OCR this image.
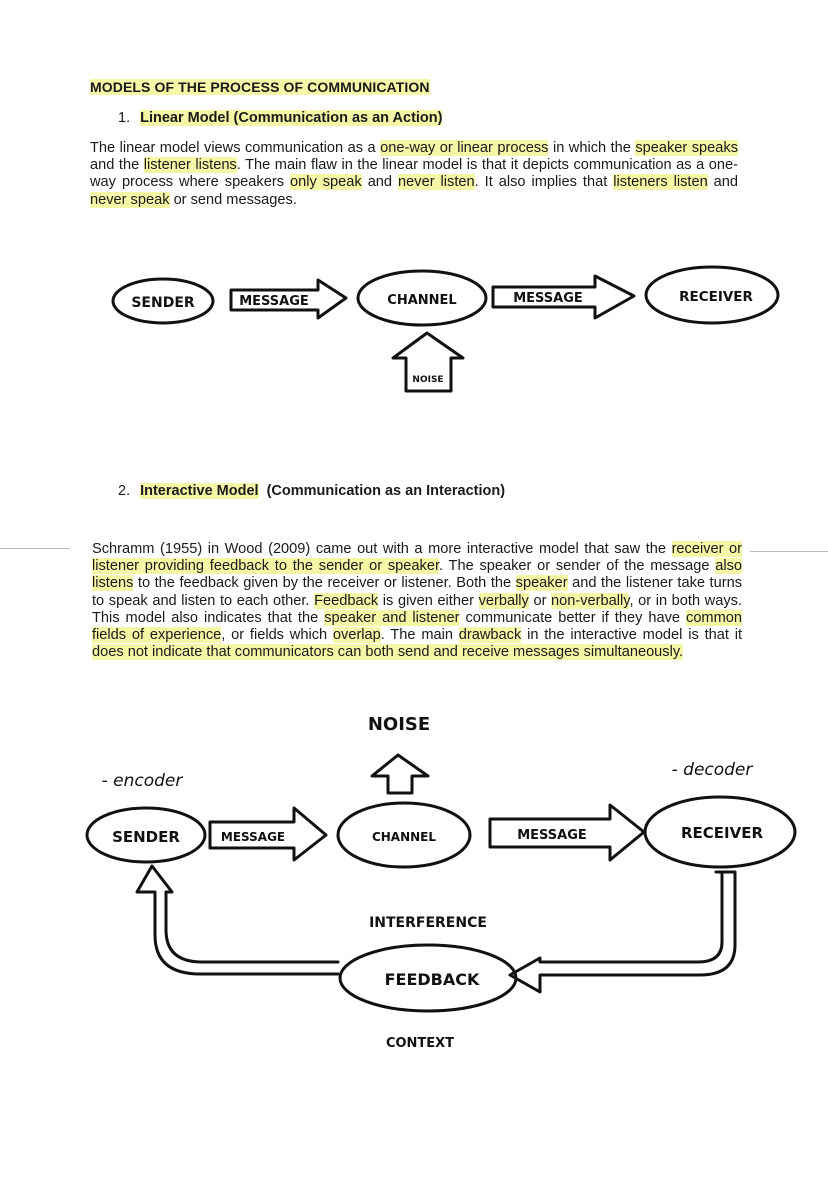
MODELS OF THE PROCESS OF COMMUNICATION
1. Linear Model (Communication as an Action)
The linear model views communication as a one-way or linear process in which the speaker speaks and the listener listens. The main flaw in the linear model is that it depicts communication as a one-way process where speakers only speak and never listen. It also implies that listeners listen and never speak or send messages.
SENDER	MESSAGE	CHANNEL	MESSAGE	RECEIVER
NOISE
2. Interactive Model (Communication as an Interaction)
Schramm (1955) in Wood (2009) came out with a more interactive model that saw the receiver or listener providing feedback to the sender or speaker. The speaker or sender of the message also listens to the feedback given by the receiver or listener. Both the speaker and the listener take turns to speak and listen to each other. Feedback is given either verbally or non-verbally, or in both ways. This model also indicates that the speaker and listener communicate better if they have common fields of experience, or fields which overlap. The main drawback in the interactive model is that it does not indicate that communicators can both send and receive messages simultaneously.
NOISE
- encoder
- decoder
SENDER	MESSAGE	CHANNEL	MESSAGE	RECEIVER
INTERFERENCE
FEEDBACK
CONTEXT
